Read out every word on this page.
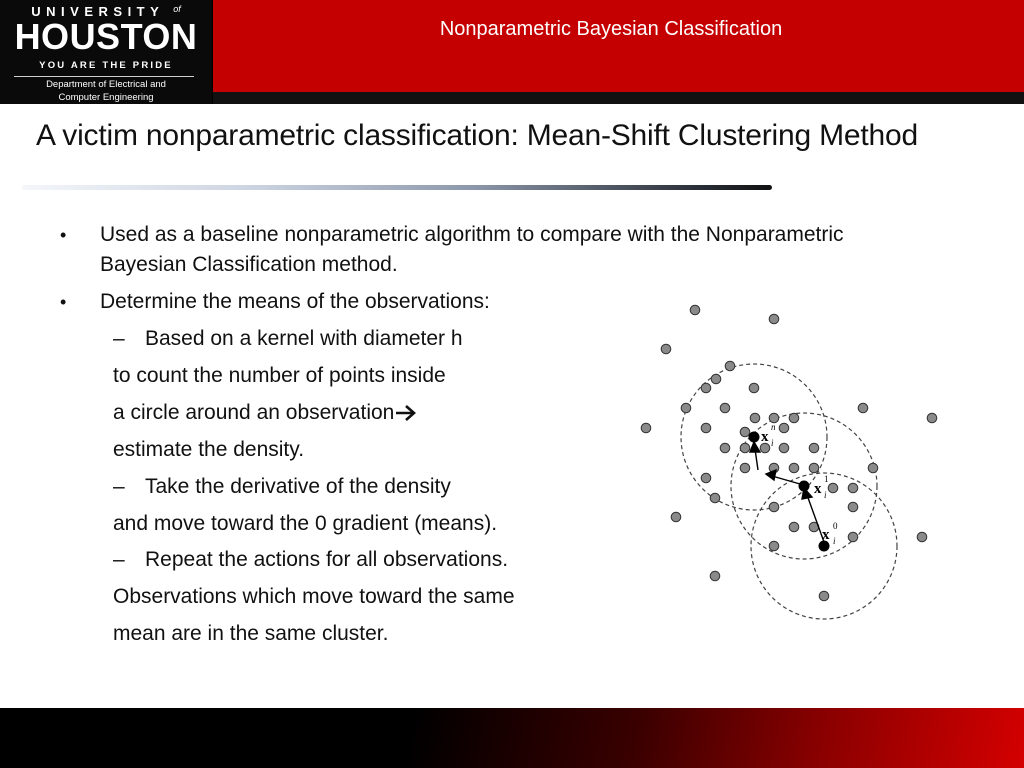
UNIVERSITY $^{of}$
HOUSTON
YOU ARE THE PRIDE
Department of Electrical and
Computer Engineering
Nonparametric Bayesian Classification
A victim nonparametric classification: Mean-Shift Clustering Method
• Used as a baseline nonparametric algorithm to compare with the Nonparametric
Bayesian Classification method.
• Determine the means of the observations:
– Based on a kernel with diameter h
to count the number of points inside
a circle around an observation
estimate the density.
– Take the derivative of the density
and move toward the 0 gradient (means).
– Repeat the actions for all observations.
Observations which move toward the same
mean are in the same cluster.
x
n
i
x
1
i
x
0
i
